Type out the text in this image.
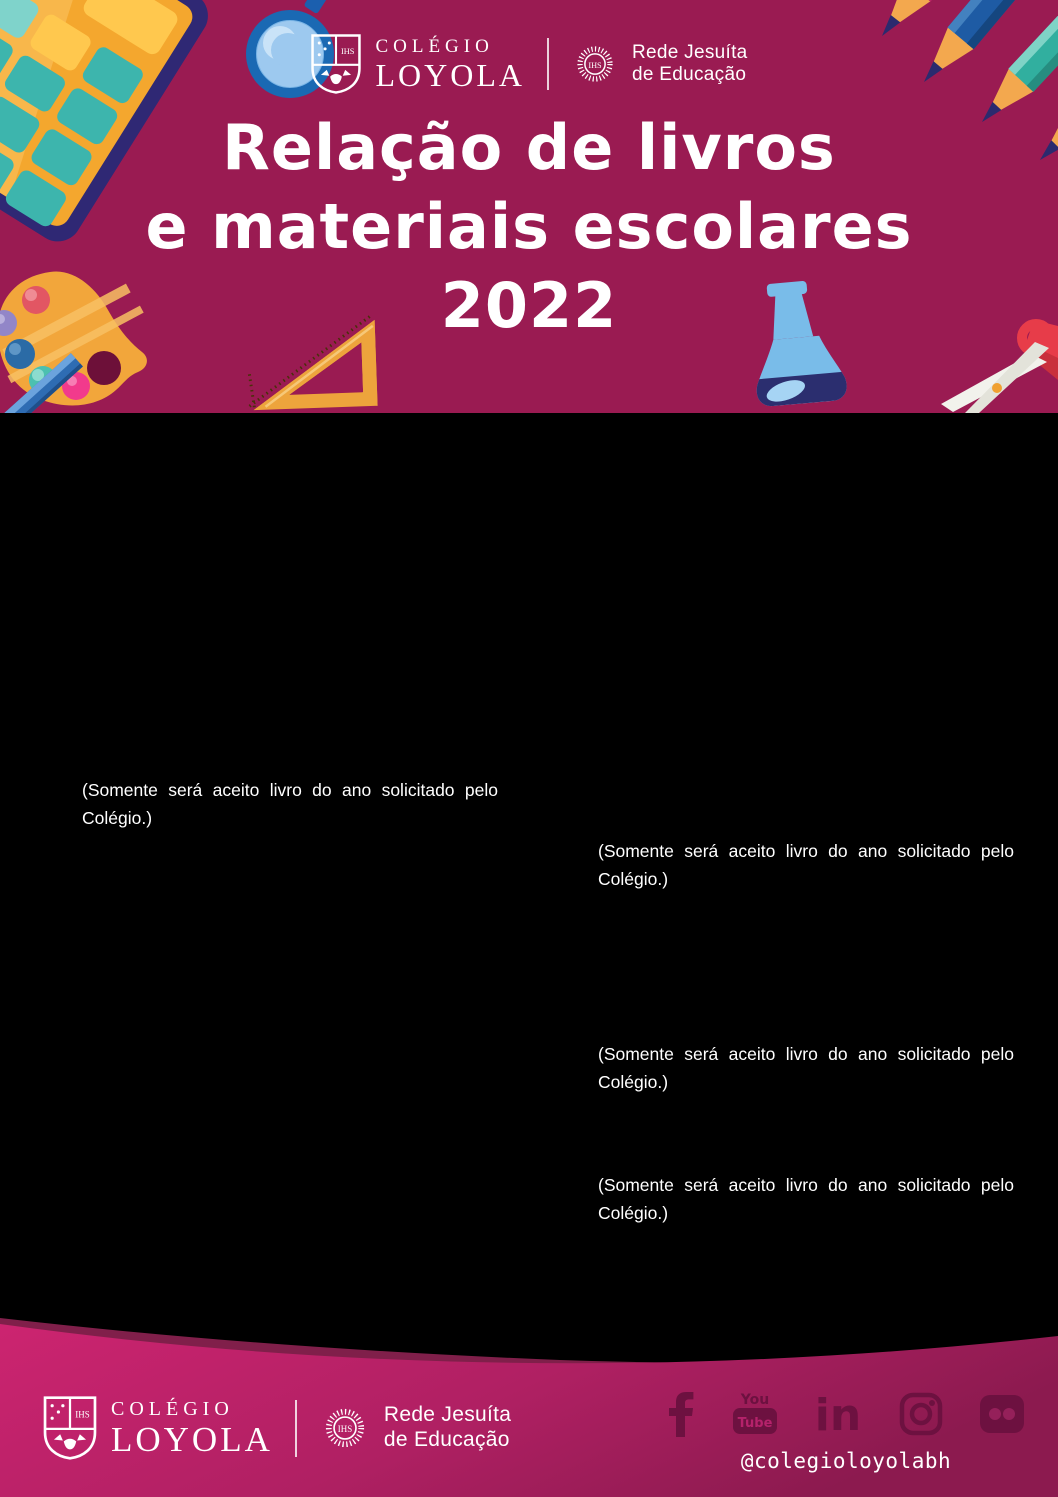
IHS COLÉGIO
LOYOLA	IHS
Rede Jesuíta
de Educação
Relação de livros
e materiais escolares
2022
(Somente será aceito livro do ano solicitado pelo
Colégio.)
(Somente será aceito livro do ano solicitado pelo
Colégio.)
(Somente será aceito livro do ano solicitado pelo
Colégio.)
(Somente será aceito livro do ano solicitado pelo
Colégio.)
IHS COLÉGIO
LOYOLA	IHS
Rede Jesuíta
de Educação
You
Tube in
@colegioloyolabh
